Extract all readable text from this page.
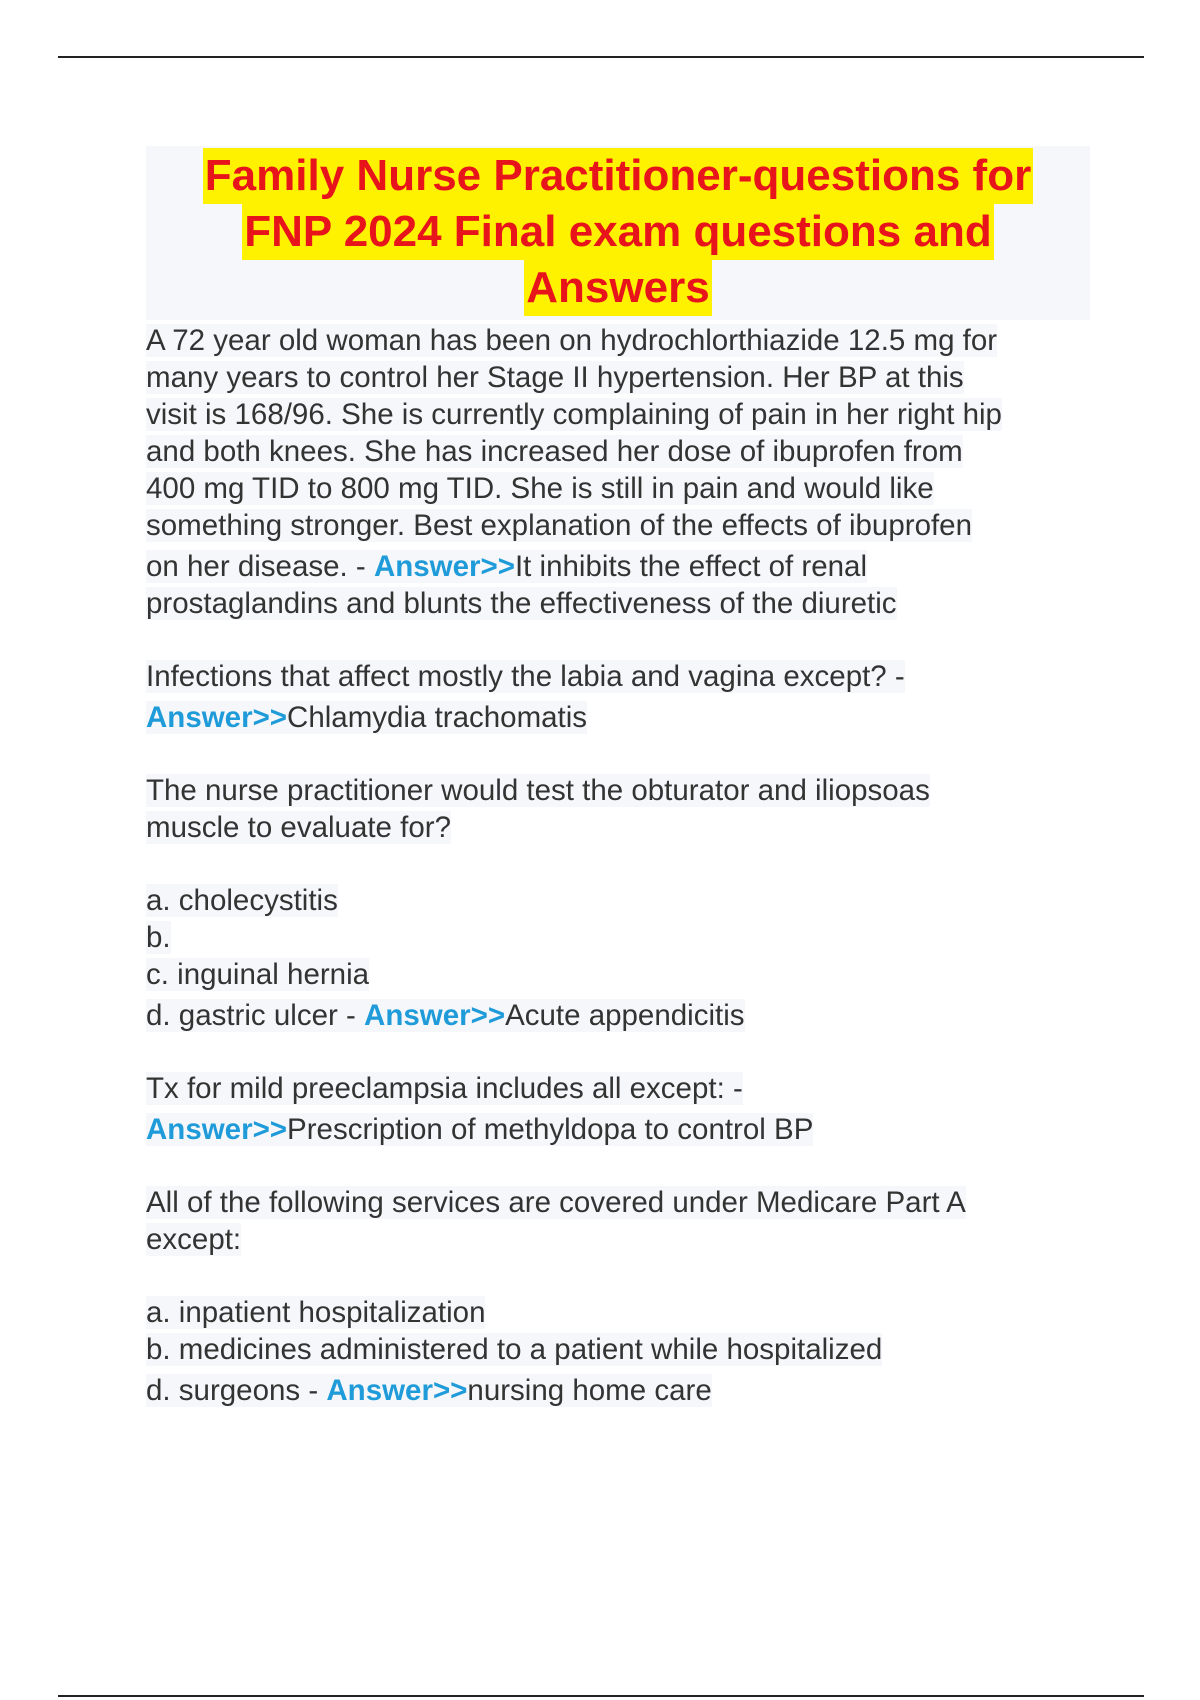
Family Nurse Practitioner-questions for
FNP 2024 Final exam questions and
Answers

A 72 year old woman has been on hydrochlorthiazide 12.5 mg for

many years to control her Stage II hypertension. Her BP at this

visit is 168/96. She is currently complaining of pain in her right hip

and both knees. She has increased her dose of ibuprofen from

400 mg TID to 800 mg TID. She is still in pain and would like

something stronger. Best explanation of the effects of ibuprofen

on her disease. - Answer>>It inhibits the effect of renal

prostaglandins and blunts the effectiveness of the diuretic

Infections that affect mostly the labia and vagina except? -

Answer>>Chlamydia trachomatis

The nurse practitioner would test the obturator and iliopsoas

muscle to evaluate for?

a. cholecystitis

b.

c. inguinal hernia

d. gastric ulcer - Answer>>Acute appendicitis

Tx for mild preeclampsia includes all except: -

Answer>>Prescription of methyldopa to control BP

All of the following services are covered under Medicare Part A

except:

a. inpatient hospitalization

b. medicines administered to a patient while hospitalized

d. surgeons - Answer>>nursing home care
